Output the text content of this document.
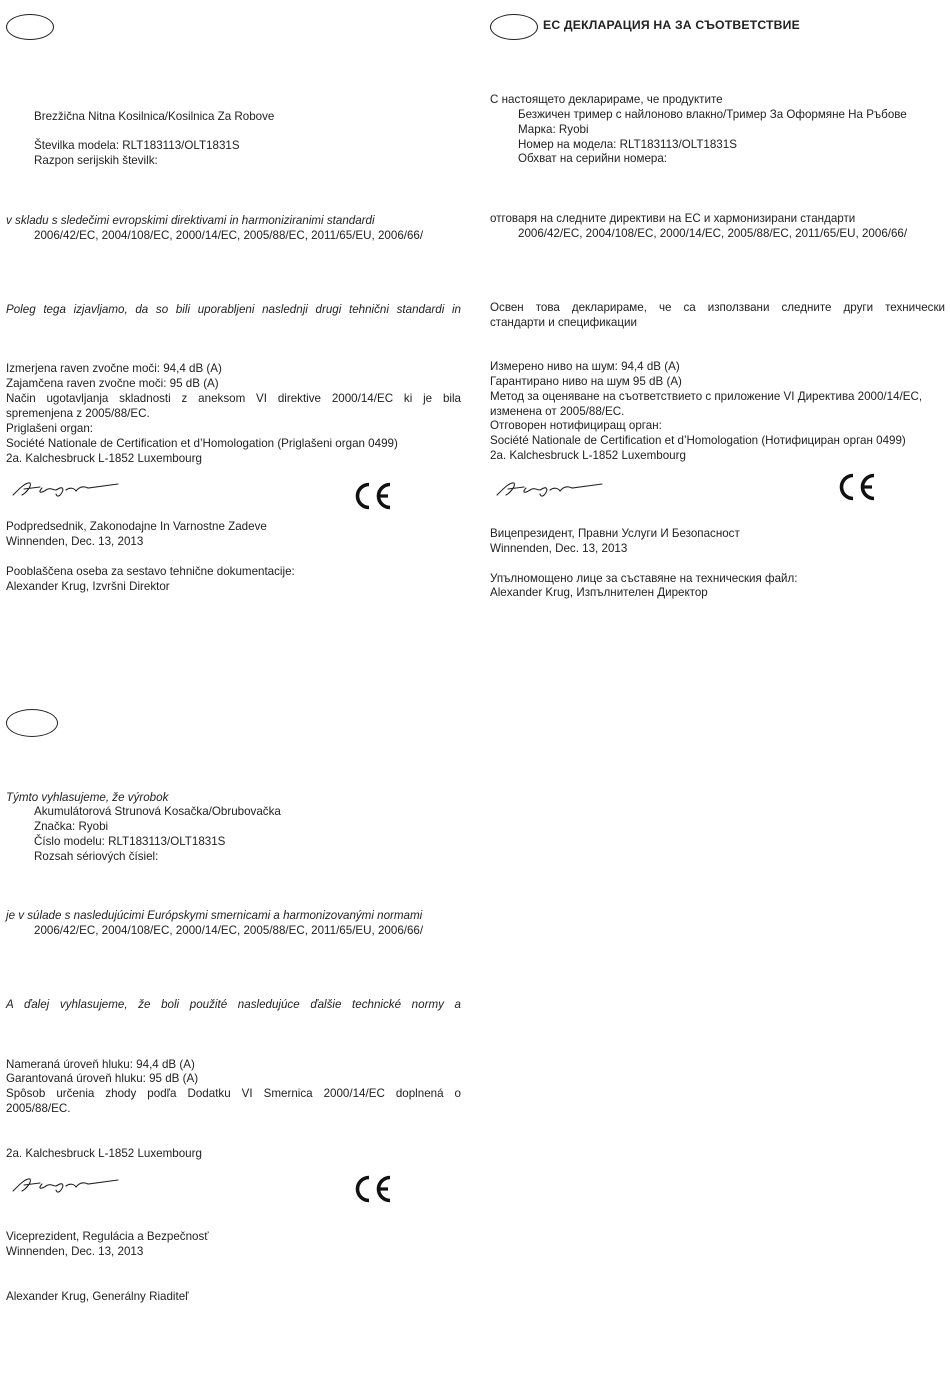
Brezžična Nitna Kosilnica/Kosilnica Za Robove
Številka modela: RLT183113/OLT1831S
Razpon serijskih številk:
v skladu s sledečimi evropskimi direktivami in harmoniziranimi standardi
2006/42/EC, 2004/108/EC, 2000/14/EC, 2005/88/EC, 2011/65/EU, 2006/66/
Poleg tega izjavljamo, da so bili uporabljeni naslednji drugi tehnični standardi in
Izmerjena raven zvočne moči: 94,4 dB (A)
Zajamčena raven zvočne moči: 95 dB (A)
Način ugotavljanja skladnosti z aneksom VI direktive 2000/14/EC ki je bila
spremenjena z 2005/88/EC.
Priglašeni organ:
Société Nationale de Certification et d’Homologation (Priglašeni organ 0499)
2a. Kalchesbruck L-1852 Luxembourg
Podpredsednik, Zakonodajne In Varnostne Zadeve
Winnenden, Dec. 13, 2013
Pooblaščena oseba za sestavo tehnične dokumentacije:
Alexander Krug, Izvršni Direktor
ЕС ДЕКЛАРАЦИЯ НА ЗА СЪОТВЕТСТВИЕ
С настоящето декларираме, че продуктите
Безжичен тример с найлоново влакно/Тример За Оформяне На Ръбове
Марка: Ryobi
Номер на модела: RLT183113/OLT1831S
Обхват на серийни номера:
отговаря на следните директиви на ЕС и хармонизирани стандарти
2006/42/EC, 2004/108/EC, 2000/14/EC, 2005/88/EC, 2011/65/EU, 2006/66/
Освен това декларираме, че са използвани следните други технически
стандарти и спецификации
Измерено ниво на шум: 94,4 dB (A)
Гарантирано ниво на шум 95 dB (A)
Метод за оценяване на съответствието с приложение VI Директива 2000/14/EC,
изменена от 2005/88/EC.
Отговорен нотифициращ орган:
Société Nationale de Certification et d’Homologation (Нотифициран орган 0499)
2a. Kalchesbruck L-1852 Luxembourg
Вицепрезидент, Правни Услуги И Безопасност
Winnenden, Dec. 13, 2013
Упълномощено лице за съставяне на техническия файл:
Alexander Krug, Изпълнителен Директор
Týmto vyhlasujeme, že výrobok
Akumulátorová Strunová Kosačka/Obrubovačka
Značka: Ryobi
Číslo modelu: RLT183113/OLT1831S
Rozsah sériových čísiel:
je v súlade s nasledujúcimi Európskymi smernicami a harmonizovanými normami
2006/42/EC, 2004/108/EC, 2000/14/EC, 2005/88/EC, 2011/65/EU, 2006/66/
A ďalej vyhlasujeme, že boli použité nasledujúce ďalšie technické normy a
Nameraná úroveň hluku: 94,4 dB (A)
Garantovaná úroveň hluku: 95 dB (A)
Spôsob určenia zhody podľa Dodatku VI Smernica 2000/14/EC doplnená o
2005/88/EC.
2a. Kalchesbruck L-1852 Luxembourg
Viceprezident, Regulácia a Bezpečnosť
Winnenden, Dec. 13, 2013
Alexander Krug, Generálny Riaditeľ
